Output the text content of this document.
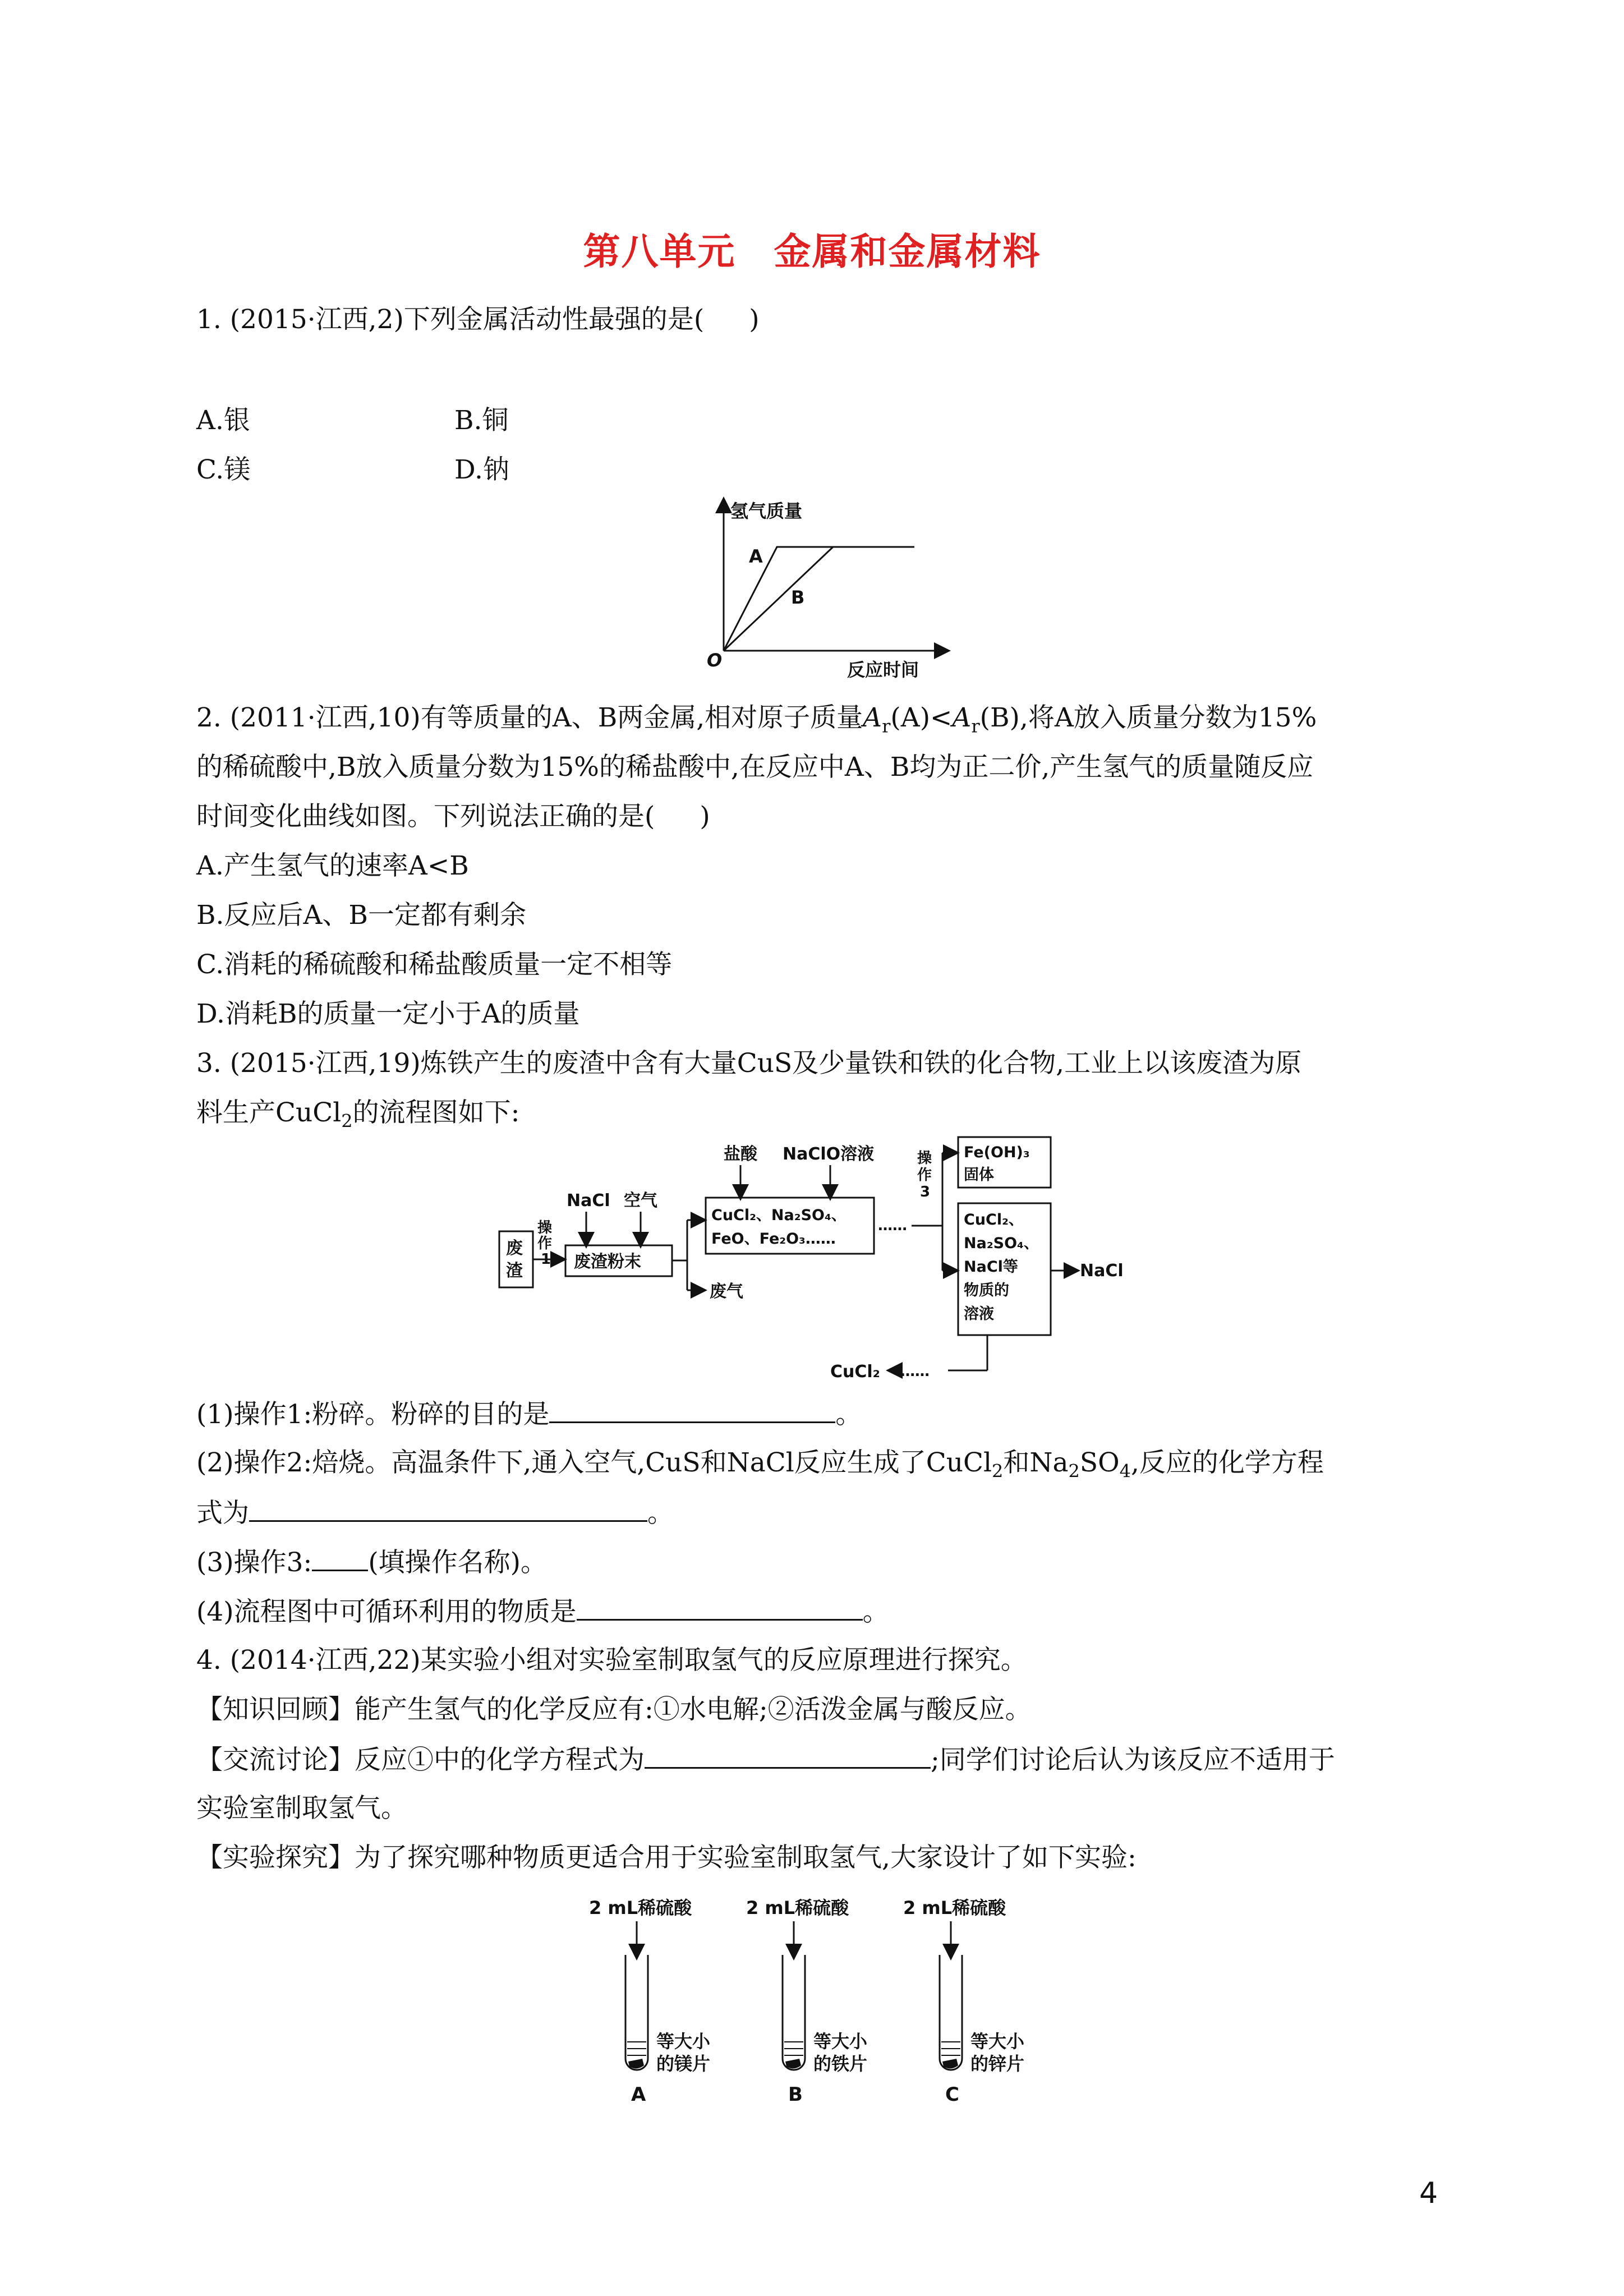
第八单元　金属和金属材料
1. (2015·江西,2)下列金属活动性最强的是( )
A.银	B.铜
C.镁	D.钠
氢气质量
A
B
O	反应时间
2. (2011·江西,10)有等质量的A、B两金属,相对原子质量$A_r(A)<A_r(B)$,将A放入质量分数为15%
的稀硫酸中,B放入质量分数为15%的稀盐酸中,在反应中A、B均为正二价,产生氢气的质量随反应
时间变化曲线如图。下列说法正确的是( )
A.产生氢气的速率A<B
B.反应后A、B一定都有剩余
C.消耗的稀硫酸和稀盐酸质量一定不相等
D.消耗B的质量一定小于A的质量
3. (2015·江西,19)炼铁产生的废渣中含有大量CuS及少量铁和铁的化合物,工业上以该废渣为原
料生产CuCl$_2$的流程图如下:
废
渣
操
作
1
NaCl 空气
废渣粉末
废气
盐酸 NaClO溶液
CuCl₂、Na₂SO₄、
FeO、Fe₂O₃……
……
操
作
3
Fe(OH)₃
固体
CuCl₂、
Na₂SO₄、
NaCl等
物质的
溶液
NaCl
……
CuCl₂
(1)操作1:粉碎。粉碎的目的是	。
(2)操作2:焙烧。高温条件下,通入空气,CuS和NaCl反应生成了CuCl$_2$和$Na_2SO_4$,反应的化学方程
式为	。
(3)操作3: (填操作名称)。
(4)流程图中可循环利用的物质是	。
4. (2014·江西,22)某实验小组对实验室制取氢气的反应原理进行探究。
【知识回顾】能产生氢气的化学反应有:①水电解;②活泼金属与酸反应。
【交流讨论】反应①中的化学方程式为	;同学们讨论后认为该反应不适用于
实验室制取氢气。
【实验探究】为了探究哪种物质更适合用于实验室制取氢气,大家设计了如下实验:
2 mL稀硫酸
等大小
的镁片
A
2 mL稀硫酸
等大小
的铁片
B
2 mL稀硫酸
等大小
的锌片
C
4
